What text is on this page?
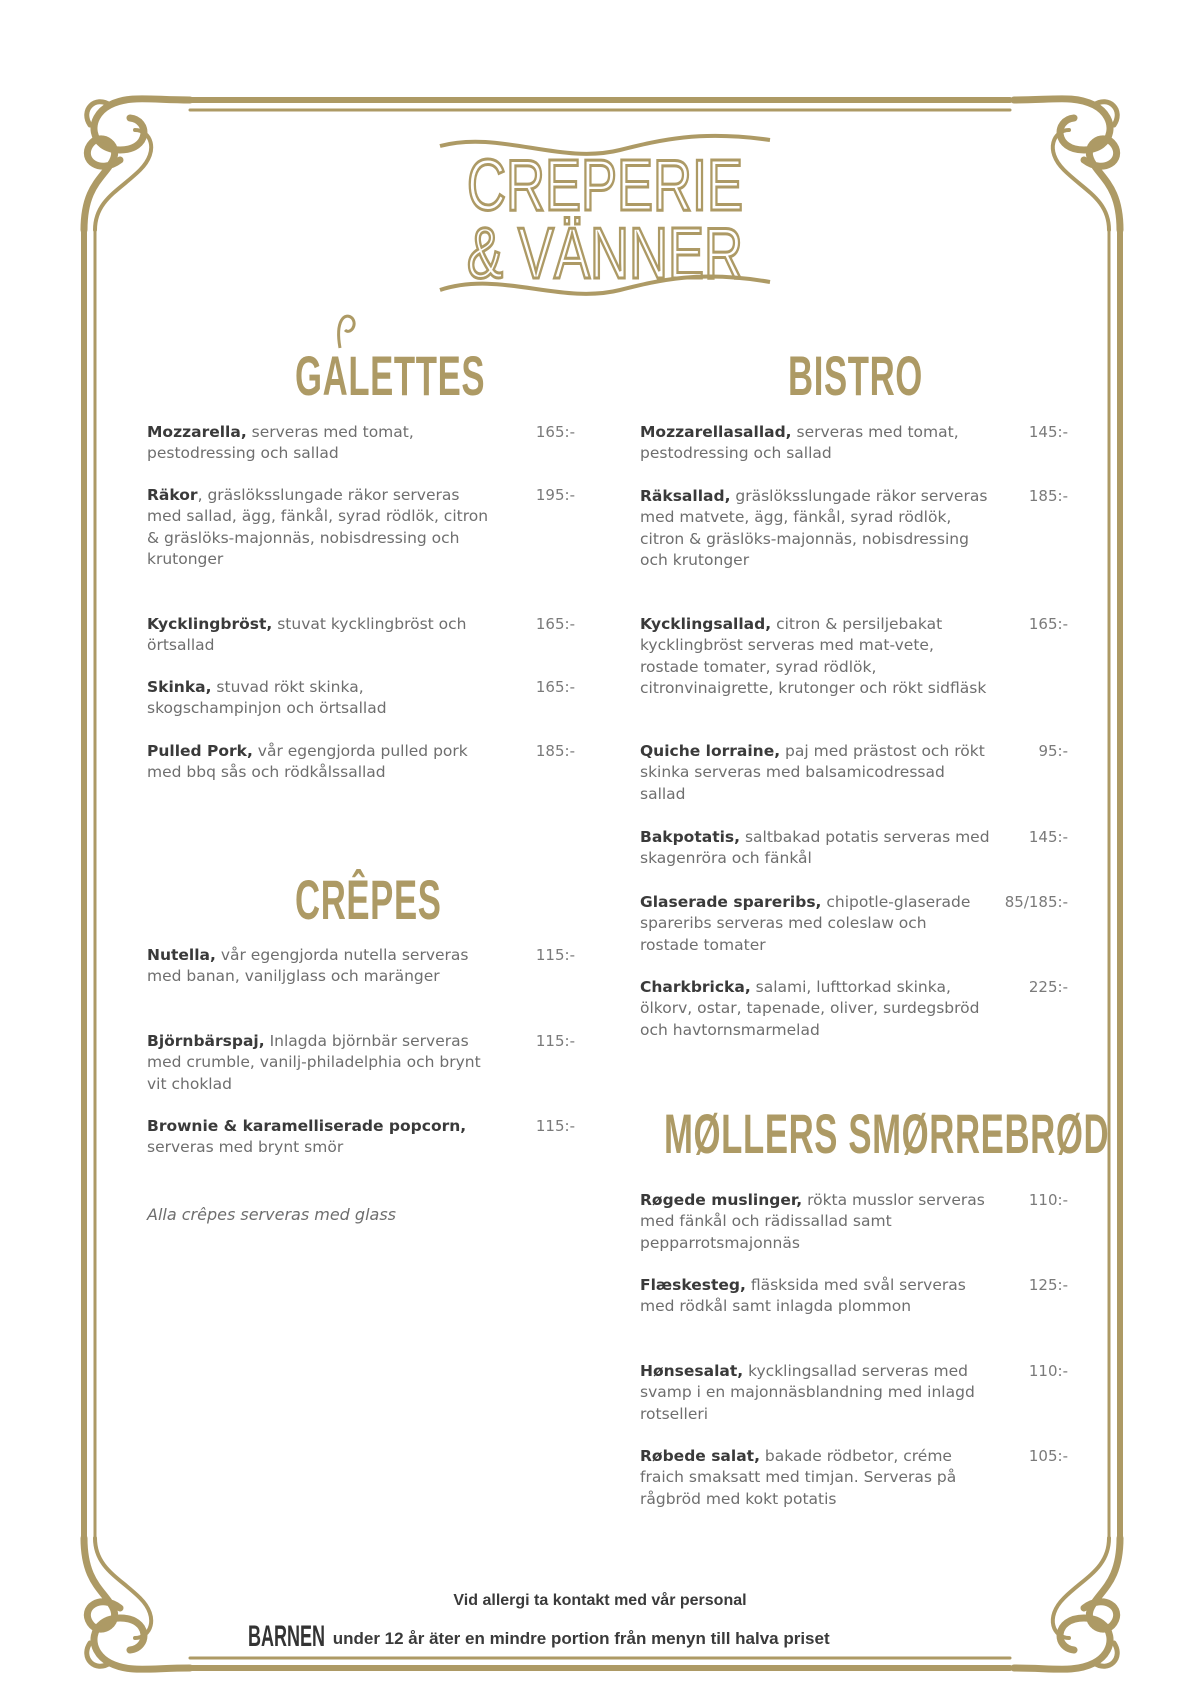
CREPERIE
& VÄNNER
GALETTES	BISTRO
CRÊPES
MØLLERS SMØRREBRØD
Mozzarella, serveras med tomat, pestodressing och sallad
165:-
Räkor, gräslöksslungade räkor serveras med sallad, ägg, fänkål, syrad rödlök, citron & gräslöks-majonnäs, nobisdressing och krutonger
195:-
Kycklingbröst, stuvat kycklingbröst och örtsallad
165:-
Skinka, stuvad rökt skinka, skogschampinjon och örtsallad
165:-
Pulled Pork, vår egengjorda pulled pork med bbq sås och rödkålssallad
185:-
Nutella, vår egengjorda nutella serveras med banan, vaniljglass och maränger
115:-
Björnbärspaj, Inlagda björnbär serveras med crumble, vanilj-philadelphia och brynt vit choklad
115:-
Brownie & karamelliserade popcorn, serveras med brynt smör
115:-
Mozzarellasallad, serveras med tomat, pestodressing och sallad
145:-
Räksallad, gräslöksslungade räkor serveras med matvete, ägg, fänkål, syrad rödlök, citron & gräslöks-majonnäs, nobisdressing och krutonger
185:-
Kycklingsallad, citron & persiljebakat kycklingbröst serveras med mat-vete, rostade tomater, syrad rödlök, citronvinaigrette, krutonger och rökt sidfläsk
165:-
Quiche lorraine, paj med prästost och rökt skinka serveras med balsamicodressad sallad
95:-
Bakpotatis, saltbakad potatis serveras med skagenröra och fänkål
145:-
Glaserade spareribs, chipotle-glaserade spareribs serveras med coleslaw och rostade tomater
85/185:-
Charkbricka, salami, lufttorkad skinka, ölkorv, ostar, tapenade, oliver, surdegsbröd och havtornsmarmelad
225:-
Røgede muslinger, rökta musslor serveras med fänkål och rädissallad samt pepparrotsmajonnäs
110:-
Flæskesteg, fläsksida med svål serveras med rödkål samt inlagda plommon
125:-
Hønsesalat, kycklingsallad serveras med svamp i en majonnäsblandning med inlagd rotselleri
110:-
Røbede salat, bakade rödbetor, créme fraich smaksatt med timjan. Serveras på rågbröd med kokt potatis
105:-
Alla crêpes serveras med glass
Vid allergi ta kontakt med vår personal
BARNEN under 12 år äter en mindre portion från menyn till halva priset
